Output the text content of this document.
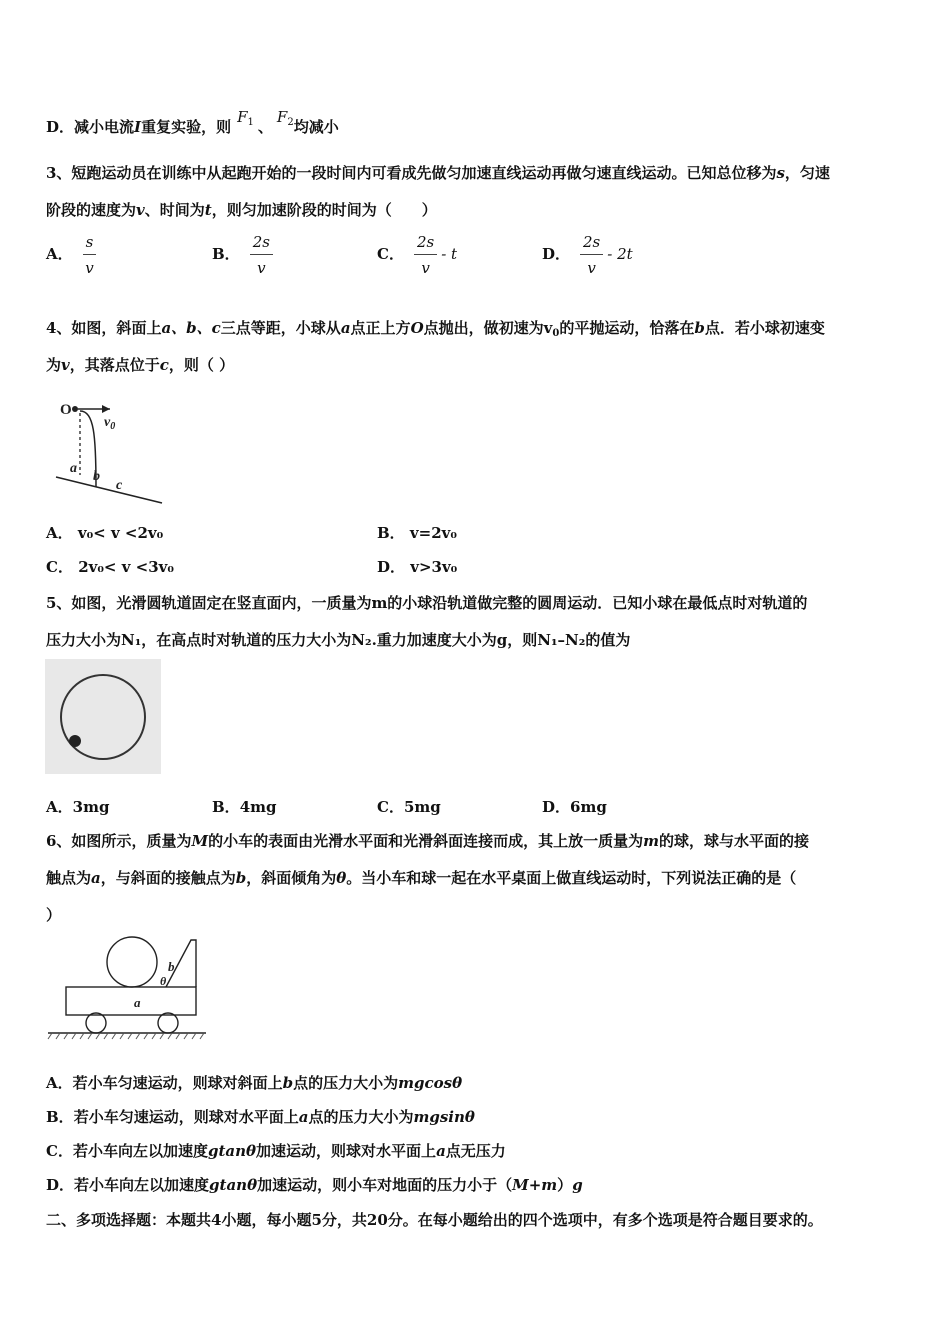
D．减小电流I重复实验，则$F^1$ 、$F^2$均减小
3、短跑运动员在训练中从起跑开始的一段时间内可看成先做匀加速直线运动再做匀速直线运动。已知总位移为s，匀速
阶段的速度为v、时间为t，则匀加速阶段的时间为（　　）
A． $\frac{s}{v}$	B． $\frac{2s}{v}$	C． $\frac{2s}{v}$ - t	D． $\frac{2s}{v} - 2t$
4、如图，斜面上a、b、c三点等距，小球从a点正上方O点抛出，做初速为$v_0$的平抛运动，恰落在b点．若小球初速变
为v，其落点位于c，则（ ）
O
$v_0$
a
b
c
A． v₀< v <2v₀	B． v=2v₀
C． 2v₀< v <3v₀	D． v>3v₀
5、如图，光滑圆轨道固定在竖直面内，一质量为m的小球沿轨道做完整的圆周运动．已知小球在最低点时对轨道的
压力大小为N₁，在高点时对轨道的压力大小为N₂.重力加速度大小为g，则N₁–N₂的值为
A．3mg	B．4mg	C．5mg	D．6mg
6、如图所示，质量为M的小车的表面由光滑水平面和光滑斜面连接而成，其上放一质量为m的球，球与水平面的接
触点为a，与斜面的接触点为b，斜面倾角为θ。当小车和球一起在水平桌面上做直线运动时，下列说法正确的是（
）
b
θ
a
A．若小车匀速运动，则球对斜面上b点的压力大小为mgcosθ
B．若小车匀速运动，则球对水平面上a点的压力大小为mgsinθ
C．若小车向左以加速度gtanθ加速运动，则球对水平面上a点无压力
D．若小车向左以加速度gtanθ加速运动，则小车对地面的压力小于（M+m）g
二、多项选择题：本题共4小题，每小题5分，共20分。在每小题给出的四个选项中，有多个选项是符合题目要求的。
